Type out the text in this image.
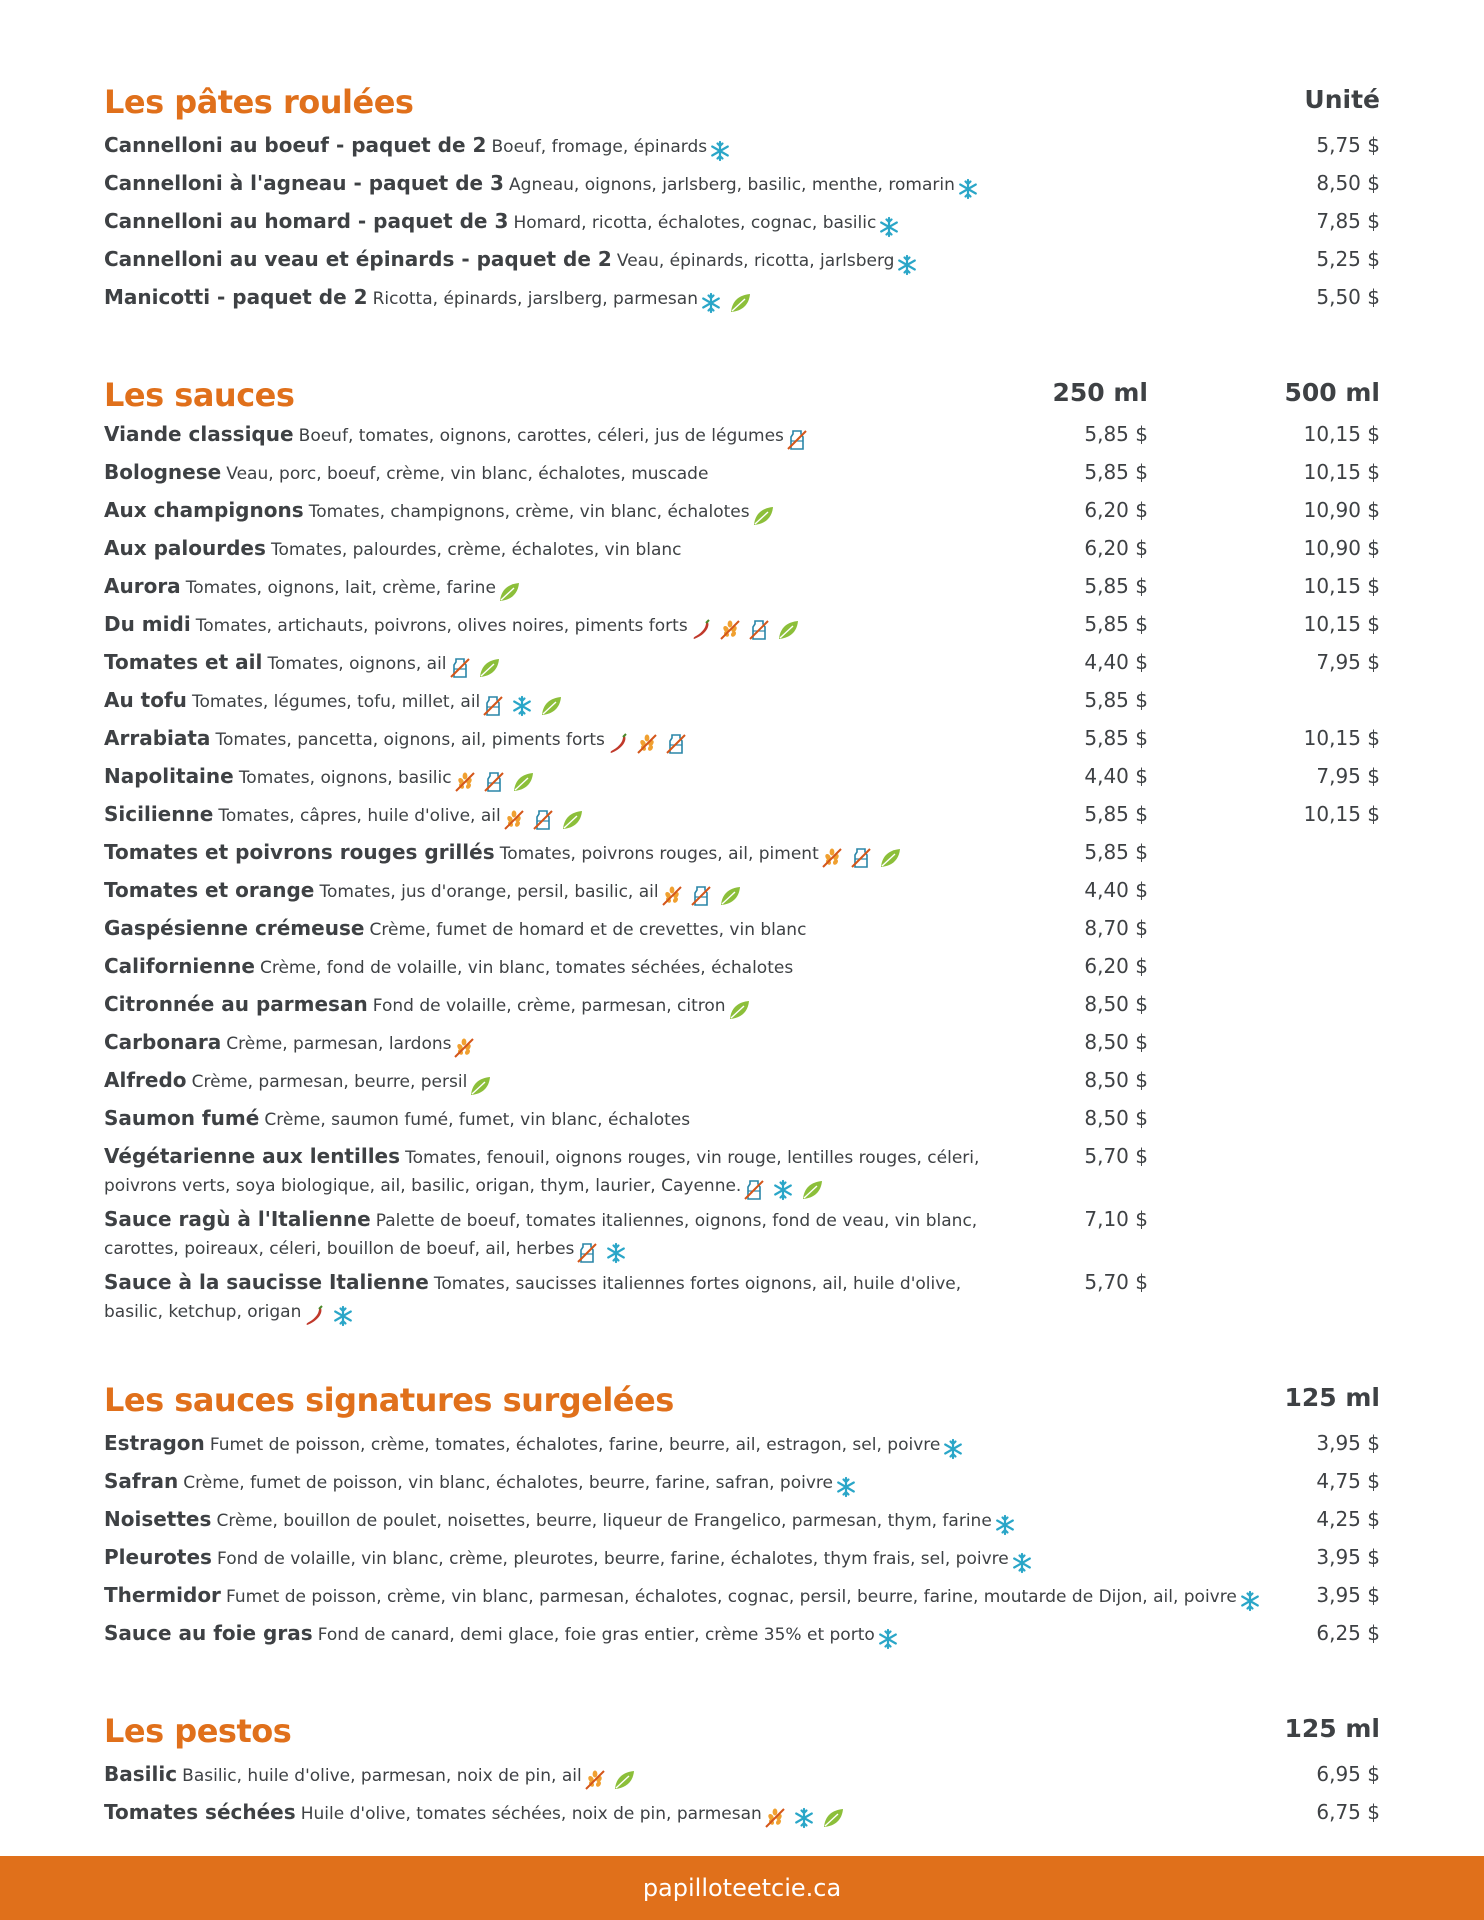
Les pâtes roulées	Unité
Cannelloni au boeuf - paquet de 2 Boeuf, fromage, épinards	5,75 $
Cannelloni à l'agneau - paquet de 3 Agneau, oignons, jarlsberg, basilic, menthe, romarin	8,50 $
Cannelloni au homard - paquet de 3 Homard, ricotta, échalotes, cognac, basilic	7,85 $
Cannelloni au veau et épinards - paquet de 2 Veau, épinards, ricotta, jarlsberg	5,25 $
Manicotti - paquet de 2 Ricotta, épinards, jarslberg, parmesan	5,50 $
Les sauces	250 ml	500 ml
Viande classique Boeuf, tomates, oignons, carottes, céleri, jus de légumes	5,85 $	10,15 $
Bolognese Veau, porc, boeuf, crème, vin blanc, échalotes, muscade	5,85 $	10,15 $
Aux champignons Tomates, champignons, crème, vin blanc, échalotes	6,20 $	10,90 $
Aux palourdes Tomates, palourdes, crème, échalotes, vin blanc	6,20 $	10,90 $
Aurora Tomates, oignons, lait, crème, farine	5,85 $	10,15 $
Du midi Tomates, artichauts, poivrons, olives noires, piments forts	5,85 $	10,15 $
Tomates et ail Tomates, oignons, ail	4,40 $	7,95 $
Au tofu Tomates, légumes, tofu, millet, ail	5,85 $
Arrabiata Tomates, pancetta, oignons, ail, piments forts	5,85 $	10,15 $
Napolitaine Tomates, oignons, basilic	4,40 $	7,95 $
Sicilienne Tomates, câpres, huile d'olive, ail	5,85 $	10,15 $
Tomates et poivrons rouges grillés Tomates, poivrons rouges, ail, piment	5,85 $
Tomates et orange Tomates, jus d'orange, persil, basilic, ail	4,40 $
Gaspésienne crémeuse Crème, fumet de homard et de crevettes, vin blanc	8,70 $
Californienne Crème, fond de volaille, vin blanc, tomates séchées, échalotes	6,20 $
Citronnée au parmesan Fond de volaille, crème, parmesan, citron	8,50 $
Carbonara Crème, parmesan, lardons	8,50 $
Alfredo Crème, parmesan, beurre, persil	8,50 $
Saumon fumé Crème, saumon fumé, fumet, vin blanc, échalotes	8,50 $
Végétarienne aux lentilles Tomates, fenouil, oignons rouges, vin rouge, lentilles rouges, céleri, poivrons verts, soya biologique, ail, basilic, origan, thym, laurier, Cayenne.
5,70 $
Sauce ragù à l'Italienne Palette de boeuf, tomates italiennes, oignons, fond de veau, vin blanc, carottes, poireaux, céleri, bouillon de boeuf, ail, herbes
7,10 $
Sauce à la saucisse Italienne Tomates, saucisses italiennes fortes oignons, ail, huile d'olive, basilic, ketchup, origan
5,70 $
Les sauces signatures surgelées	125 ml
Estragon Fumet de poisson, crème, tomates, échalotes, farine, beurre, ail, estragon, sel, poivre	3,95 $
Safran Crème, fumet de poisson, vin blanc, échalotes, beurre, farine, safran, poivre	4,75 $
Noisettes Crème, bouillon de poulet, noisettes, beurre, liqueur de Frangelico, parmesan, thym, farine	4,25 $
Pleurotes Fond de volaille, vin blanc, crème, pleurotes, beurre, farine, échalotes, thym frais, sel, poivre	3,95 $
Thermidor Fumet de poisson, crème, vin blanc, parmesan, échalotes, cognac, persil, beurre, farine, moutarde de Dijon, ail, poivre	3,95 $
Sauce au foie gras Fond de canard, demi glace, foie gras entier, crème 35% et porto	6,25 $
Les pestos	125 ml
Basilic Basilic, huile d'olive, parmesan, noix de pin, ail	6,95 $
Tomates séchées Huile d'olive, tomates séchées, noix de pin, parmesan	6,75 $
papilloteetcie.ca
